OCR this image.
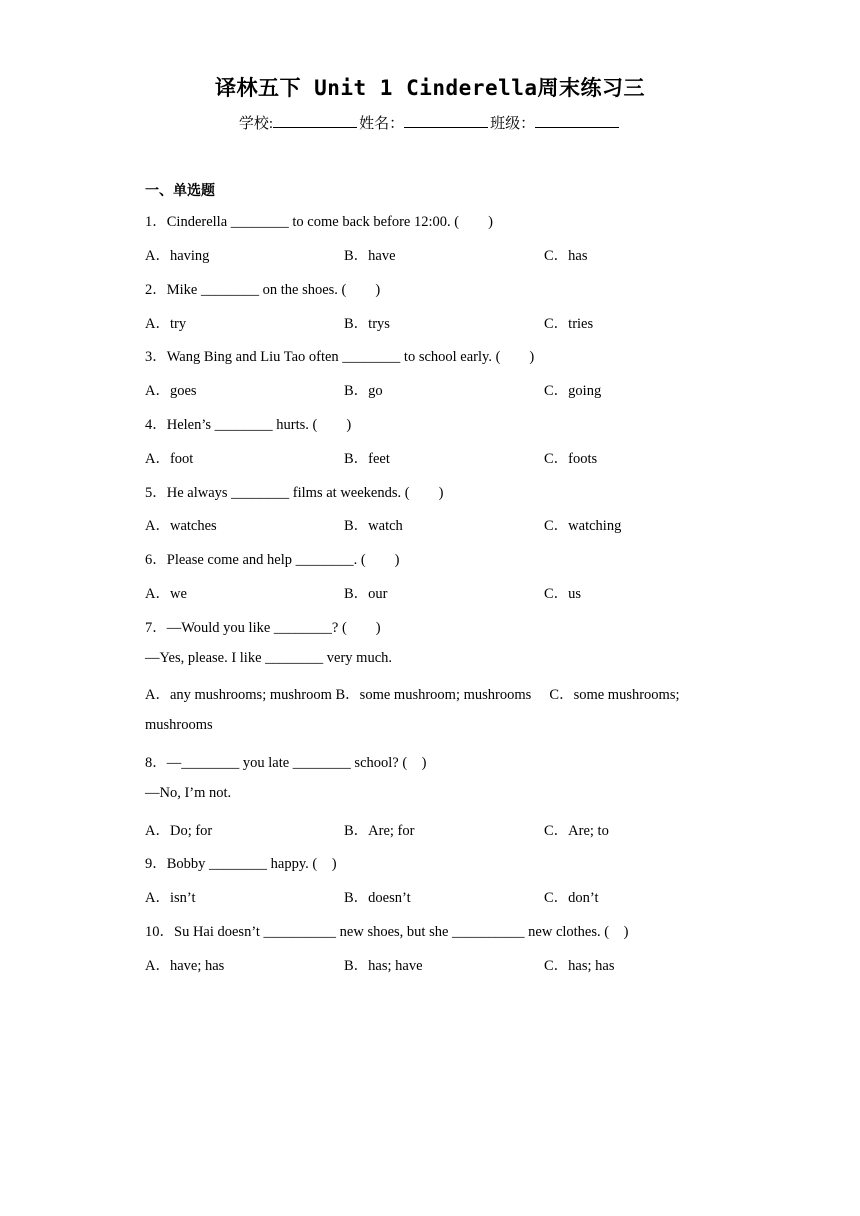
译林五下 Unit 1 Cinderella周末练习三
学校:	姓名：	班级：
一、单选题
1．Cinderella ________ to come back before 12:00. (　　)
A．having	B．have	C．has
2．Mike ________ on the shoes. (　　)
A．try	B．trys	C．tries
3．Wang Bing and Liu Tao often ________ to school early. (　　)
A．goes	B．go	C．going
4．Helen’s ________ hurts. (　　)
A．foot	B．feet	C．foots
5．He always ________ films at weekends. (　　)
A．watches	B．watch	C．watching
6．Please come and help ________. (　　)
A．we	B．our	C．us
7．—Would you like ________? (　　)
—Yes, please. I like ________ very much.
A．any mushrooms; mushroom B．some mushroom; mushrooms　 C．some mushrooms;
mushrooms
8．—________ you late ________ school? (　)
—No, I’m not.
A．Do; for	B．Are; for	C．Are; to
9．Bobby ________ happy. (　)
A．isn’t	B．doesn’t	C．don’t
10．Su Hai doesn’t __________ new shoes, but she __________ new clothes. (　)
A．have; has	B．has; have	C．has; has
